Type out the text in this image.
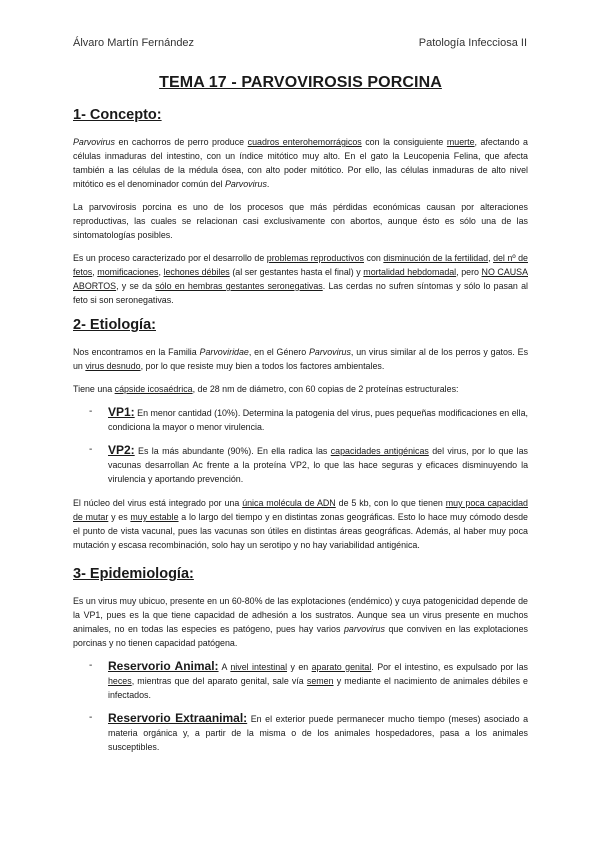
Álvaro Martín Fernández	Patología Infecciosa II
TEMA 17 - PARVOVIROSIS PORCINA
1- Concepto:

Parvovirus en cachorros de perro produce cuadros enterohemorrágicos con la consiguiente muerte, afectando a células inmaduras del intestino, con un índice mitótico muy alto. En el gato la Leucopenia Felina, que afecta también a las células de la médula ósea, con alto poder mitótico. Por ello, las células inmaduras de alto nivel mitótico es el denominador común del Parvovirus.

La parvovirosis porcina es uno de los procesos que más pérdidas económicas causan por alteraciones reproductivas, las cuales se relacionan casi exclusivamente con abortos, aunque ésto es sólo una de las sintomatologías posibles.

Es un proceso caracterizado por el desarrollo de problemas reproductivos con disminución de la fertilidad, del nº de fetos, momificaciones, lechones débiles (al ser gestantes hasta el final) y mortalidad hebdomadal, pero NO CAUSA ABORTOS, y se da sólo en hembras gestantes seronegativas. Las cerdas no sufren síntomas y sólo lo pasan al feto si son seronegativas.

2- Etiología:

Nos encontramos en la Familia Parvoviridae, en el Género Parvovirus, un virus similar al de los perros y gatos. Es un virus desnudo, por lo que resiste muy bien a todos los factores ambientales.

Tiene una cápside icosaédrica, de 28 nm de diámetro, con 60 copias de 2 proteínas estructurales:

- VP1: En menor cantidad (10%). Determina la patogenia del virus, pues pequeñas modificaciones en ella, condiciona la mayor o menor virulencia.
- VP2: Es la más abundante (90%). En ella radica las capacidades antigénicas del virus, por lo que las vacunas desarrollan Ac frente a la proteína VP2, lo que las hace seguras y eficaces disminuyendo la virulencia y aportando prevención.

El núcleo del virus está integrado por una única molécula de ADN de 5 kb, con lo que tienen muy poca capacidad de mutar y es muy estable a lo largo del tiempo y en distintas zonas geográficas. Esto lo hace muy cómodo desde el punto de vista vacunal, pues las vacunas son útiles en distintas áreas geográficas. Además, al haber muy poca mutación y escasa recombinación, solo hay un serotipo y no hay variabilidad antigénica.

3- Epidemiología:

Es un virus muy ubicuo, presente en un 60-80% de las explotaciones (endémico) y cuya patogenicidad depende de la VP1, pues es la que tiene capacidad de adhesión a los sustratos. Aunque sea un virus presente en muchos animales, no en todas las especies es patógeno, pues hay varios parvovirus que conviven en las explotaciones porcinas y no tienen capacidad patógena.

- Reservorio Animal: A nivel intestinal y en aparato genital. Por el intestino, es expulsado por las heces, mientras que del aparato genital, sale vía semen y mediante el nacimiento de animales débiles e infectados.
- Reservorio Extraanimal: En el exterior puede permanecer mucho tiempo (meses) asociado a materia orgánica y, a partir de la misma o de los animales hospedadores, pasa a los animales susceptibles.
